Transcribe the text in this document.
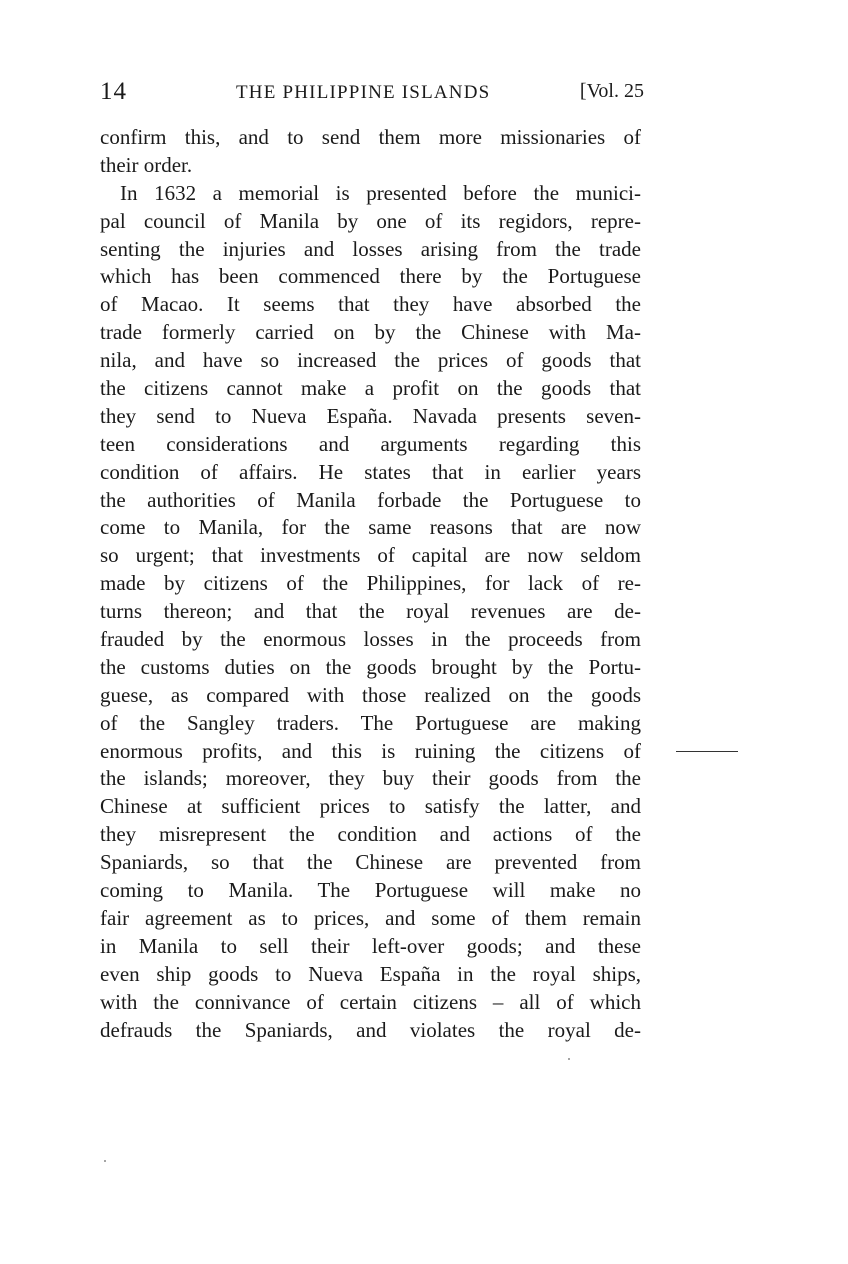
14	THE PHILIPPINE ISLANDS	[Vol. 25
confirm this, and to send them more missionaries of
their order.
In 1632 a memorial is presented before the munici-
pal council of Manila by one of its regidors, repre-
senting the injuries and losses arising from the trade
which has been commenced there by the Portuguese
of Macao. It seems that they have absorbed the
trade formerly carried on by the Chinese with Ma-
nila, and have so increased the prices of goods that
the citizens cannot make a profit on the goods that
they send to Nueva España. Navada presents seven-
teen considerations and arguments regarding this
condition of affairs. He states that in earlier years
the authorities of Manila forbade the Portuguese to
come to Manila, for the same reasons that are now
so urgent; that investments of capital are now seldom
made by citizens of the Philippines, for lack of re-
turns thereon; and that the royal revenues are de-
frauded by the enormous losses in the proceeds from
the customs duties on the goods brought by the Portu-
guese, as compared with those realized on the goods
of the Sangley traders. The Portuguese are making
enormous profits, and this is ruining the citizens of
the islands; moreover, they buy their goods from the
Chinese at sufficient prices to satisfy the latter, and
they misrepresent the condition and actions of the
Spaniards, so that the Chinese are prevented from
coming to Manila. The Portuguese will make no
fair agreement as to prices, and some of them remain
in Manila to sell their left-over goods; and these
even ship goods to Nueva España in the royal ships,
with the connivance of certain citizens – all of which
defrauds the Spaniards, and violates the royal de-
